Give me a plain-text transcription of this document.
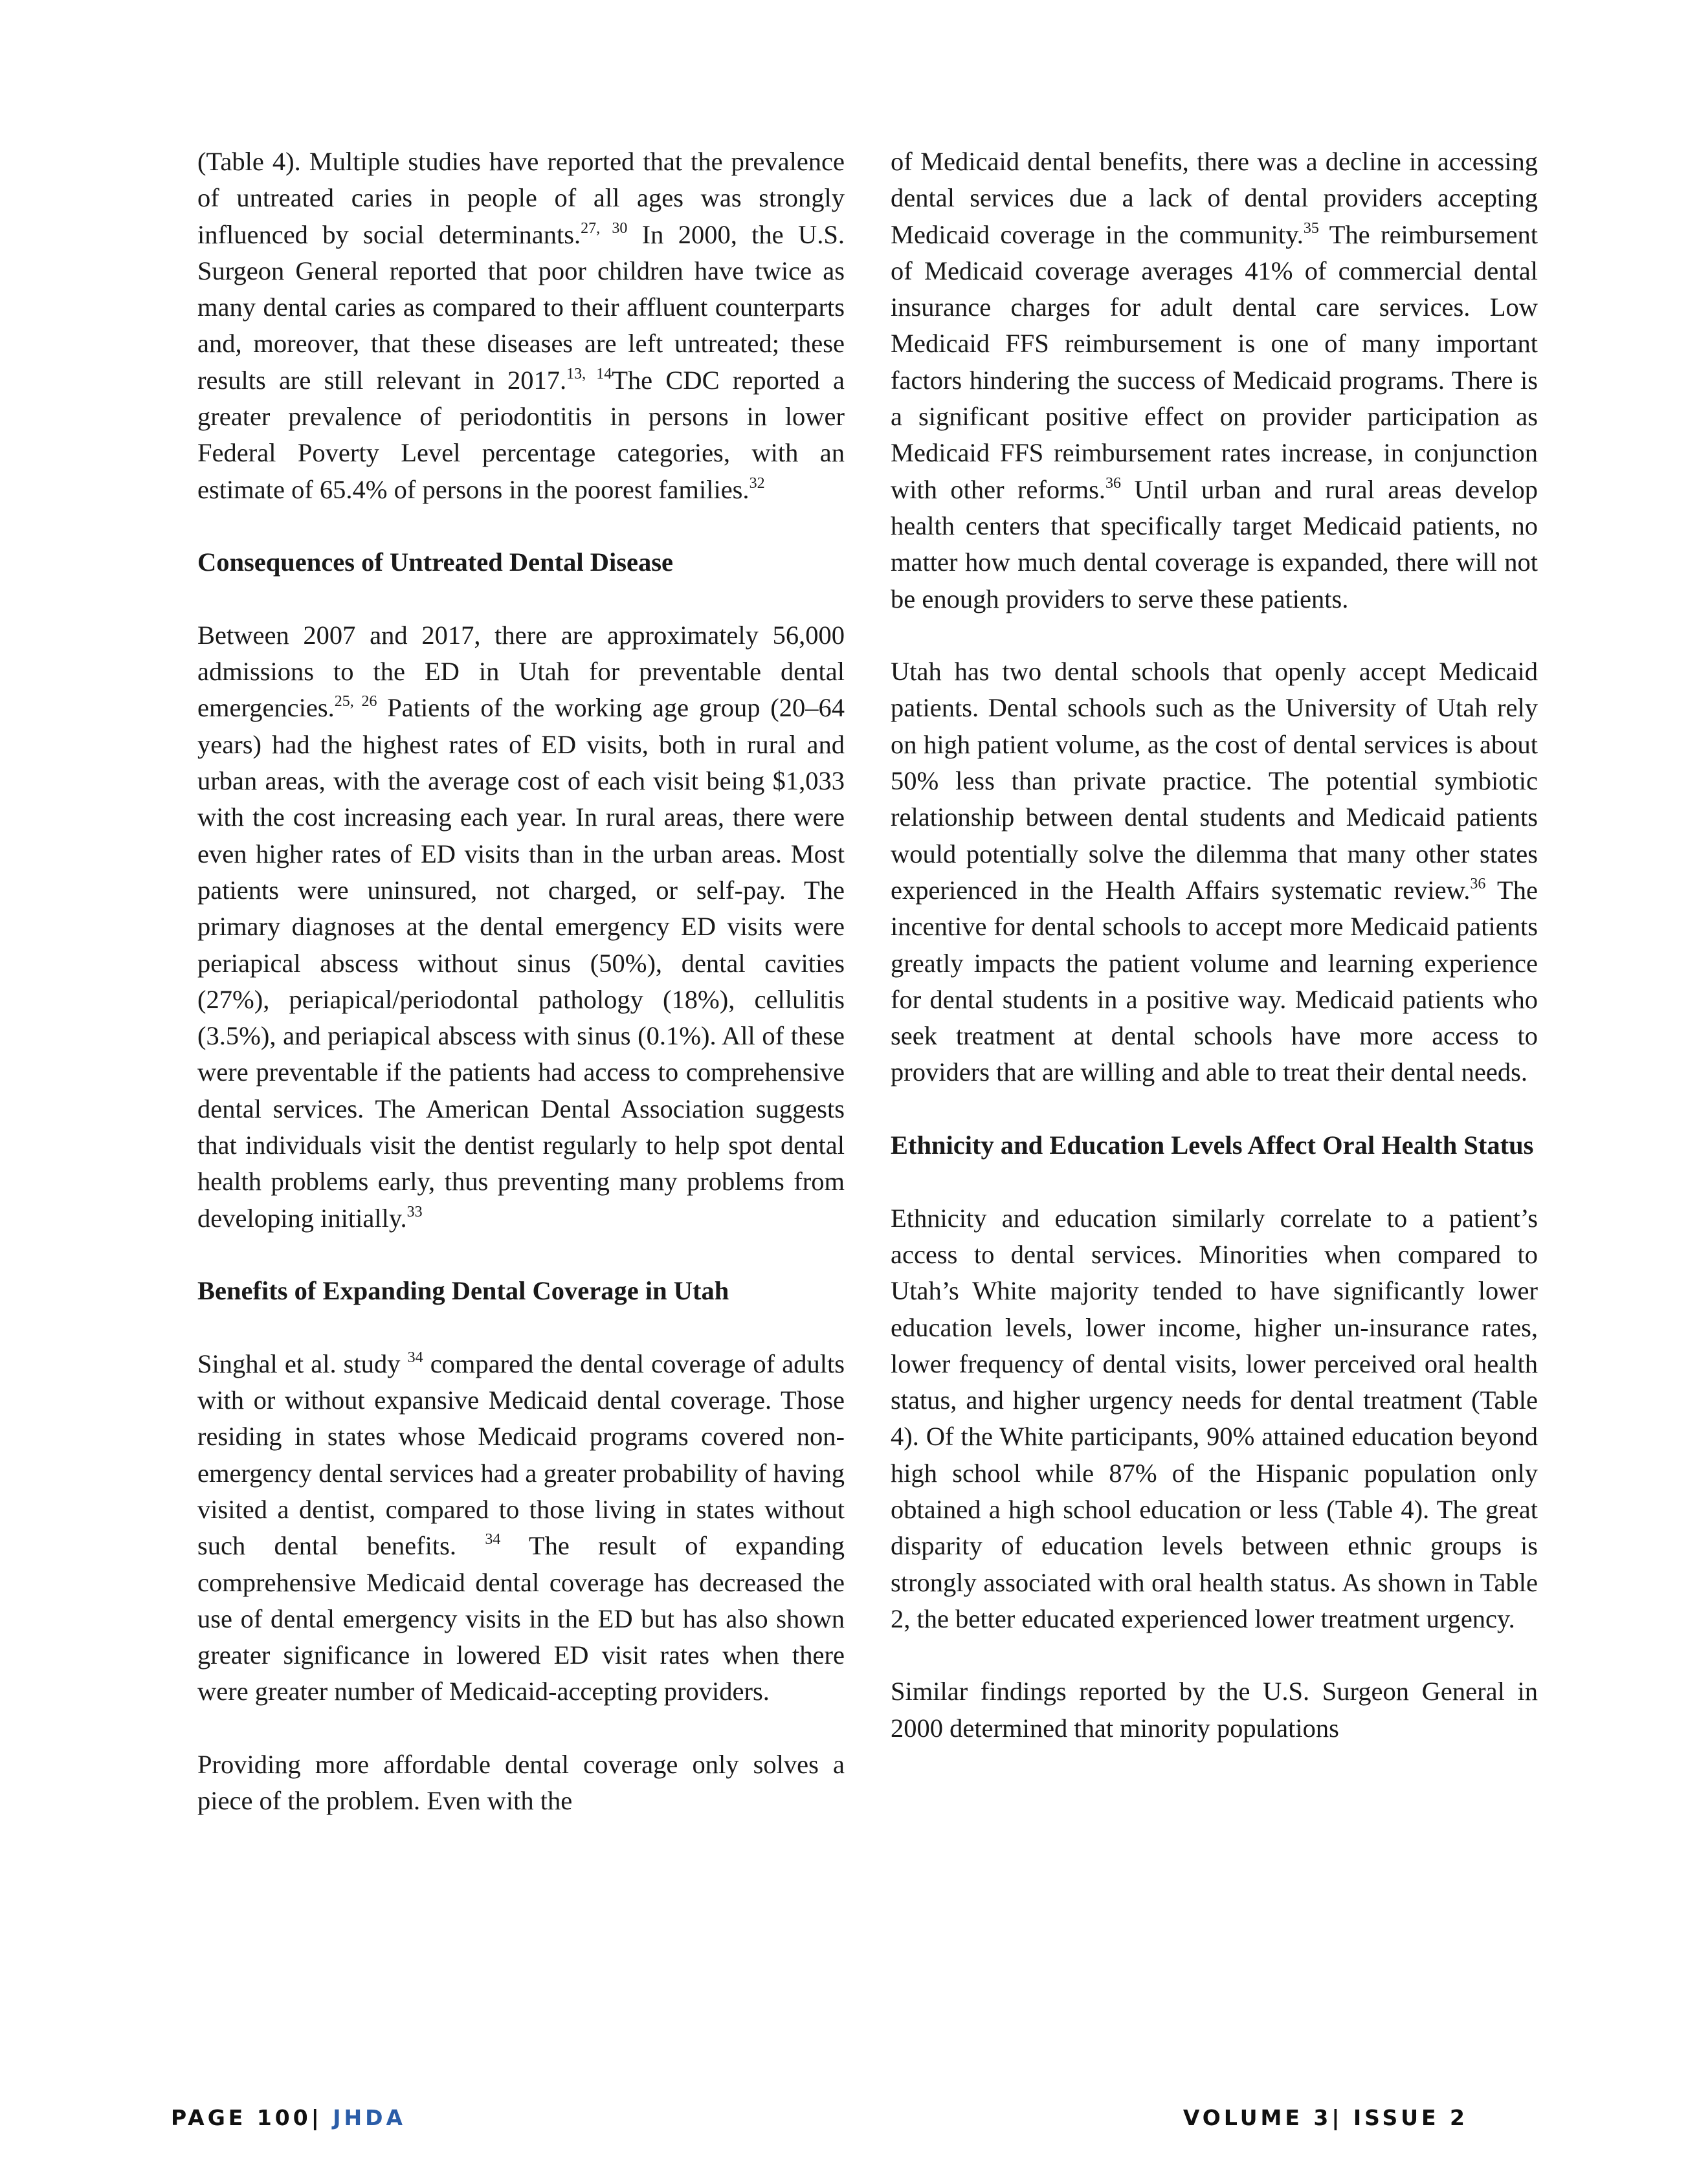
(Table 4). Multiple studies have reported that the prevalence of untreated caries in people of all ages was strongly influenced by social determinants.$^{27, 30}$ In 2000, the U.S. Surgeon General reported that poor children have twice as many dental caries as compared to their affluent counterparts and, moreover, that these diseases are left untreated; these results are still relevant in 2017.$^{13, 14}$The CDC reported a greater prevalence of periodontitis in persons in lower Federal Poverty Level percentage categories, with an estimate of 65.4% of persons in the poorest families.$^{32}$

Consequences of Untreated Dental Disease

Between 2007 and 2017, there are approximately 56,000 admissions to the ED in Utah for preventable dental emergencies.$^{25, 26}$ Patients of the working age group (20–64 years) had the highest rates of ED visits, both in rural and urban areas, with the average cost of each visit being $1,033 with the cost increasing each year. In rural areas, there were even higher rates of ED visits than in the urban areas. Most patients were uninsured, not charged, or self-pay. The primary diagnoses at the dental emergency ED visits were periapical abscess without sinus (50%), dental cavities (27%), periapical/periodontal pathology (18%), cellulitis (3.5%), and periapical abscess with sinus (0.1%). All of these were preventable if the patients had access to comprehensive dental services. The American Dental Association suggests that individuals visit the dentist regularly to help spot dental health problems early, thus preventing many problems from developing initially.$^{33}$

Benefits of Expanding Dental Coverage in Utah

Singhal et al. study $^{34}$ compared the dental coverage of adults with or without expansive Medicaid dental coverage. Those residing in states whose Medicaid programs covered non-emergency dental services had a greater probability of having visited a dentist, compared to those living in states without such dental benefits. $^{34}$ The result of expanding comprehensive Medicaid dental coverage has decreased the use of dental emergency visits in the ED but has also shown greater significance in lowered ED visit rates when there were greater number of Medicaid-accepting providers.

Providing more affordable dental coverage only solves a piece of the problem. Even with the

of Medicaid dental benefits, there was a decline in accessing dental services due a lack of dental providers accepting Medicaid coverage in the community.$^{35}$ The reimbursement of Medicaid coverage averages 41% of commercial dental insurance charges for adult dental care services. Low Medicaid FFS reimbursement is one of many important factors hindering the success of Medicaid programs. There is a significant positive effect on provider participation as Medicaid FFS reimbursement rates increase, in conjunction with other reforms.$^{36}$ Until urban and rural areas develop health centers that specifically target Medicaid patients, no matter how much dental coverage is expanded, there will not be enough providers to serve these patients.

Utah has two dental schools that openly accept Medicaid patients. Dental schools such as the University of Utah rely on high patient volume, as the cost of dental services is about 50% less than private practice. The potential symbiotic relationship between dental students and Medicaid patients would potentially solve the dilemma that many other states experienced in the Health Affairs systematic review.$^{36}$ The incentive for dental schools to accept more Medicaid patients greatly impacts the patient volume and learning experience for dental students in a positive way. Medicaid patients who seek treatment at dental schools have more access to providers that are willing and able to treat their dental needs.

Ethnicity and Education Levels Affect Oral Health Status

Ethnicity and education similarly correlate to a patient’s access to dental services. Minorities when compared to Utah’s White majority tended to have significantly lower education levels, lower income, higher un-insurance rates, lower frequency of dental visits, lower perceived oral health status, and higher urgency needs for dental treatment (Table 4). Of the White participants, 90% attained education beyond high school while 87% of the Hispanic population only obtained a high school education or less (Table 4). The great disparity of education levels between ethnic groups is strongly associated with oral health status. As shown in Table 2, the better educated experienced lower treatment urgency.

Similar findings reported by the U.S. Surgeon General in 2000 determined that minority populations

PAGE 100| JHDA	VOLUME 3| ISSUE 2
